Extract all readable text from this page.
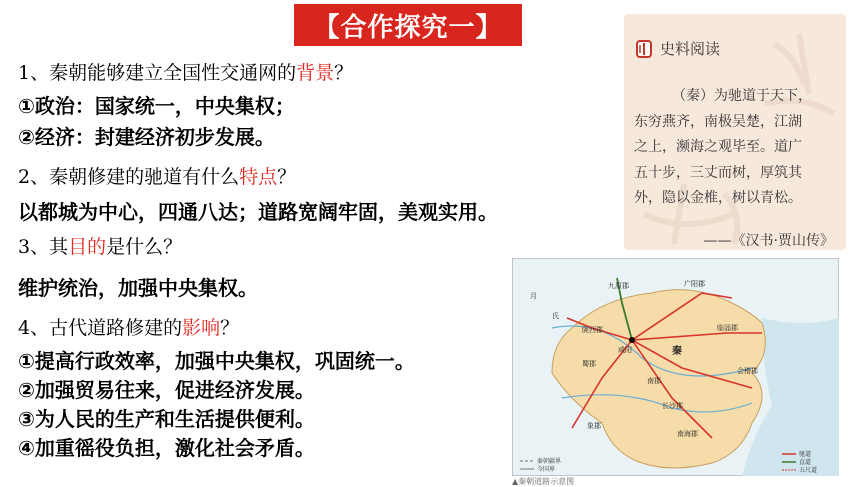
【合作探究一】
1、秦朝能够建立全国性交通网的背景？
①政治：国家统一，中央集权；
②经济：封建经济初步发展。
2、秦朝修建的驰道有什么特点？
以都城为中心，四通八达；道路宽阔牢固，美观实用。
3、其目的是什么？
维护统治，加强中央集权。
4、古代道路修建的影响？
①提高行政效率，加强中央集权，巩固统一。
②加强贸易往来，促进经济发展。
③为人民的生产和生活提供便利。
④加重徭役负担，激化社会矛盾。
史料阅读
（秦）为驰道于天下，
东穷燕齐，南极吴楚，江湖
之上，濒海之观毕至。道广
五十步，三丈而树，厚筑其
外，隐以金椎，树以青松。
——《汉书·贾山传》
九原郡	广阳郡
月
氏
陇西郡
咸阳
临淄郡
秦
蜀郡
南郡
会稽郡
长沙郡
象郡
南海郡
秦朝疆界
今国界
驰道
直道
五尺道
▲秦朝道路示意图
